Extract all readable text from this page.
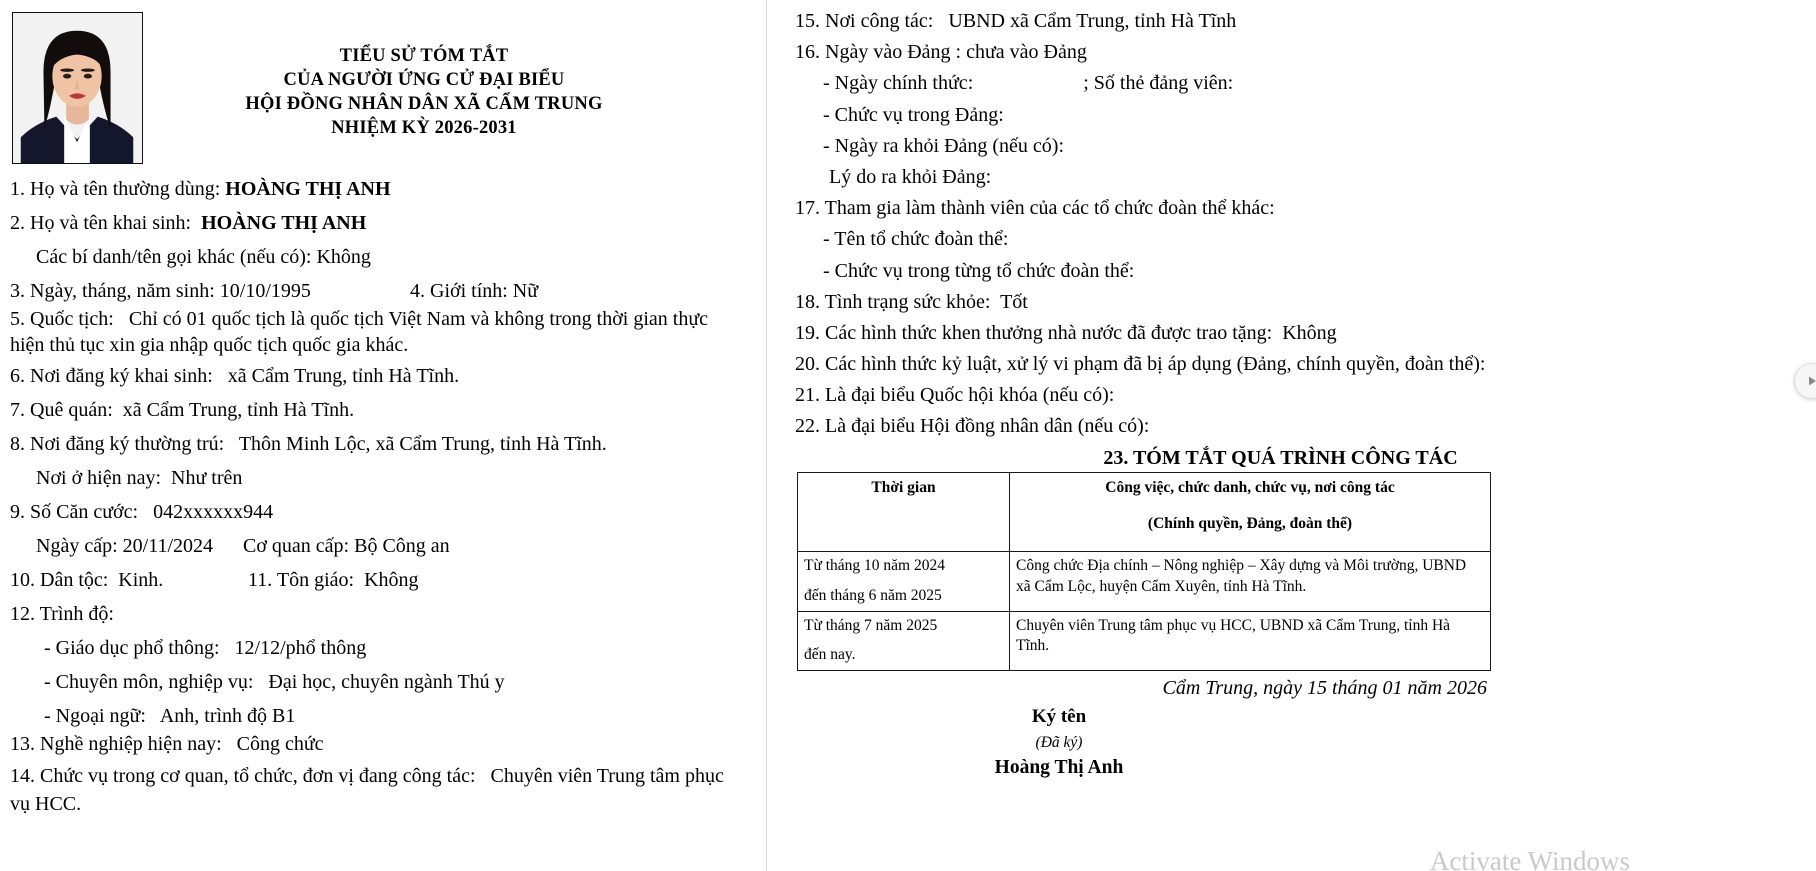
TIỂU SỬ TÓM TẮT
CỦA NGƯỜI ỨNG CỬ ĐẠI BIỂU
HỘI ĐỒNG NHÂN DÂN XÃ CẨM TRUNG
NHIỆM KỲ 2026-2031
1. Họ và tên thường dùng: HOÀNG THỊ ANH
2. Họ và tên khai sinh:  HOÀNG THỊ ANH
Các bí danh/tên gọi khác (nếu có): Không
3. Ngày, tháng, năm sinh: 10/10/1995	4. Giới tính: Nữ
5. Quốc tịch:   Chỉ có 01 quốc tịch là quốc tịch Việt Nam và không trong thời gian thực
hiện thủ tục xin gia nhập quốc tịch quốc gia khác.
6. Nơi đăng ký khai sinh:   xã Cẩm Trung, tỉnh Hà Tĩnh.
7. Quê quán:  xã Cẩm Trung, tỉnh Hà Tĩnh.
8. Nơi đăng ký thường trú:   Thôn Minh Lộc, xã Cẩm Trung, tỉnh Hà Tĩnh.
Nơi ở hiện nay:  Như trên
9. Số Căn cước:   042xxxxxx944
Ngày cấp: 20/11/2024      Cơ quan cấp: Bộ Công an
10. Dân tộc:  Kinh.	11. Tôn giáo:  Không
12. Trình độ:
- Giáo dục phổ thông:   12/12/phổ thông
- Chuyên môn, nghiệp vụ:   Đại học, chuyên ngành Thú y
- Ngoại ngữ:   Anh, trình độ B1
13. Nghề nghiệp hiện nay:   Công chức
14. Chức vụ trong cơ quan, tổ chức, đơn vị đang công tác:   Chuyên viên Trung tâm phục
vụ HCC.
15. Nơi công tác:   UBND xã Cẩm Trung, tỉnh Hà Tĩnh
16. Ngày vào Đảng : chưa vào Đảng
- Ngày chính thức:                      ; Số thẻ đảng viên:
- Chức vụ trong Đảng:
- Ngày ra khỏi Đảng (nếu có):
Lý do ra khỏi Đảng:
17. Tham gia làm thành viên của các tổ chức đoàn thể khác:
- Tên tổ chức đoàn thể:
- Chức vụ trong từng tổ chức đoàn thể:
18. Tình trạng sức khỏe:  Tốt
19. Các hình thức khen thưởng nhà nước đã được trao tặng:  Không
20. Các hình thức kỷ luật, xử lý vi phạm đã bị áp dụng (Đảng, chính quyền, đoàn thể):
21. Là đại biểu Quốc hội khóa (nếu có):
22. Là đại biểu Hội đồng nhân dân (nếu có):
23. TÓM TẮT QUÁ TRÌNH CÔNG TÁC
Thời gian	Công việc, chức danh, chức vụ, nơi công tác
(Chính quyền, Đảng, đoàn thể)

Từ tháng 10 năm 2024
đến tháng 6 năm 2025	Công chức Địa chính – Nông nghiệp – Xây dựng và Môi trường, UBND xã Cẩm Lộc, huyện Cẩm Xuyên, tỉnh Hà Tĩnh.
Từ tháng 7 năm 2025
đến nay.	Chuyên viên Trung tâm phục vụ HCC, UBND xã Cẩm Trung, tỉnh Hà Tĩnh.
Cẩm Trung, ngày 15 tháng 01 năm 2026
Ký tên
(Đã ký)
Hoàng Thị Anh
Activate Windows
